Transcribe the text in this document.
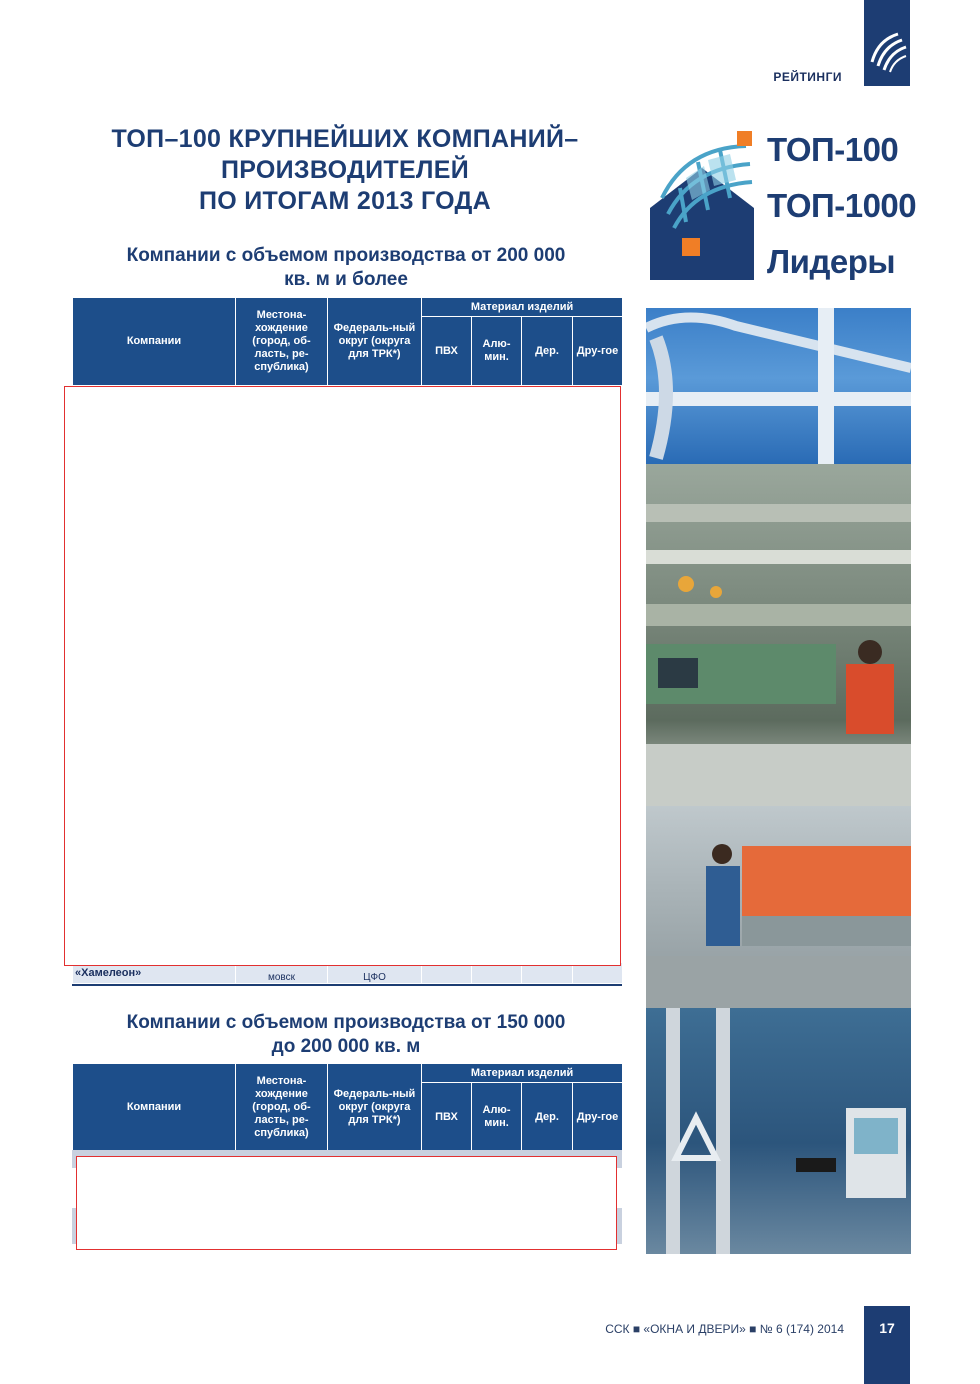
РЕЙТИНГИ
ТОП–100 КРУПНЕЙШИХ КОМПАНИЙ–
ПРОИЗВОДИТЕЛЕЙ
ПО ИТОГАМ 2013 ГОДА
ТОП-100
ТОП-1000
Лидеры
Компании с объемом производства от 200 000
кв. м и более
Компании	Местона-хождение (город, об-ласть, ре-спублика)	Федераль-ный округ (округа для ТРК*)	Материал изделий			
			ПВХ	Алю-мин.	Дер.	Дру-гое
«Хамелеон»	мовск	ЦФО				
Компании с объемом производства от 150 000
до 200 000 кв. м
Компании	Местона-хождение (город, об-ласть, ре-спублика)	Федераль-ный округ (округа для ТРК*)	Материал изделий			
			ПВХ	Алю-мин.	Дер.	Дру-гое
ССК ■ «ОКНА И ДВЕРИ» ■ № 6 (174) 2014	17
